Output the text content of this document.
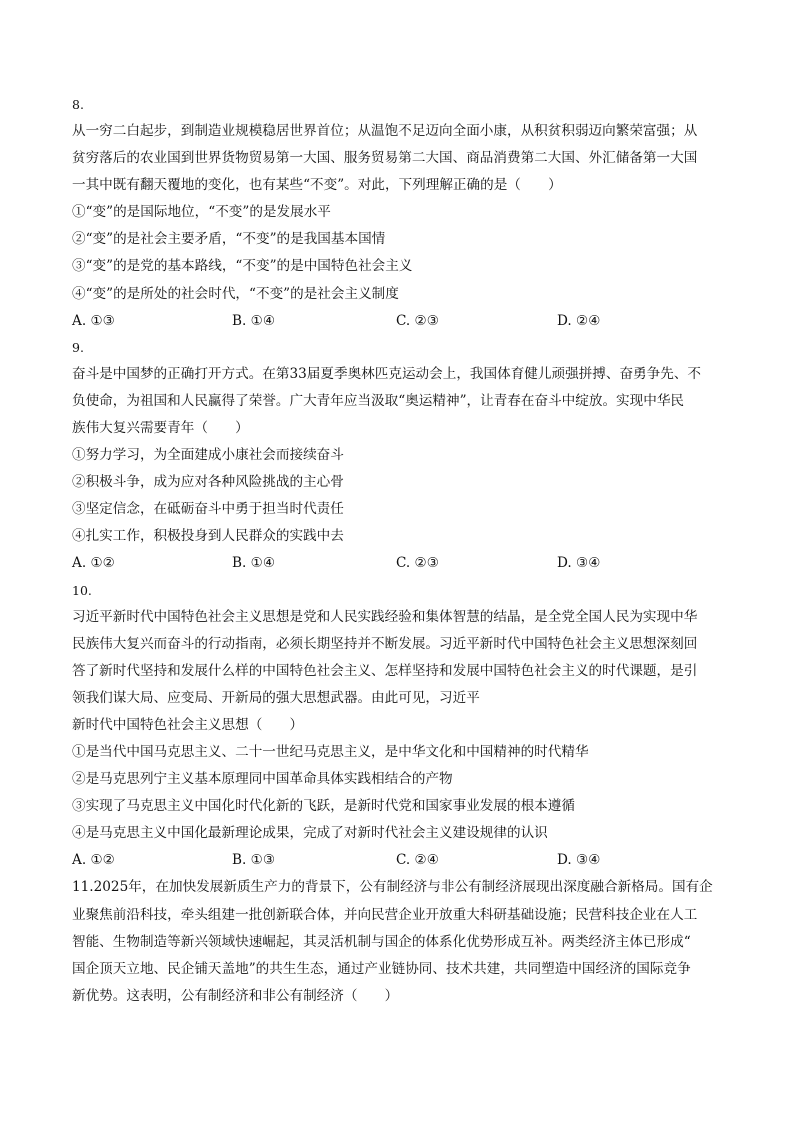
8.
从一穷二白起步，到制造业规模稳居世界首位；从温饱不足迈向全面小康，从积贫积弱迈向繁荣富强；从
贫穷落后的农业国到世界货物贸易第一大国、服务贸易第二大国、商品消费第二大国、外汇储备第一大国
一其中既有翻天覆地的变化，也有某些“不变”。对此，下列理解正确的是（　　）
①“变”的是国际地位，“不变”的是发展水平
②“变”的是社会主要矛盾，“不变”的是我国基本国情
③“变”的是党的基本路线，“不变”的是中国特色社会主义
④“变”的是所处的社会时代，“不变”的是社会主义制度
A. ①③	B. ①④	C. ②③	D. ②④
9.
奋斗是中国梦的正确打开方式。在第33届夏季奥林匹克运动会上，我国体育健儿顽强拼搏、奋勇争先、不
负使命，为祖国和人民赢得了荣誉。广大青年应当汲取“奥运精神”，让青春在奋斗中绽放。实现中华民
族伟大复兴需要青年（　　）
①努力学习，为全面建成小康社会而接续奋斗
②积极斗争，成为应对各种风险挑战的主心骨
③坚定信念，在砥砺奋斗中勇于担当时代责任
④扎实工作，积极投身到人民群众的实践中去
A. ①②	B. ①④	C. ②③	D. ③④
10.
习近平新时代中国特色社会主义思想是党和人民实践经验和集体智慧的结晶，是全党全国人民为实现中华
民族伟大复兴而奋斗的行动指南，必须长期坚持并不断发展。习近平新时代中国特色社会主义思想深刻回
答了新时代坚持和发展什么样的中国特色社会主义、怎样坚持和发展中国特色社会主义的时代课题，是引
领我们谋大局、应变局、开新局的强大思想武器。由此可见，习近平
新时代中国特色社会主义思想（　　）
①是当代中国马克思主义、二十一世纪马克思主义，是中华文化和中国精神的时代精华
②是马克思列宁主义基本原理同中国革命具体实践相结合的产物
③实现了马克思主义中国化时代化新的飞跃，是新时代党和国家事业发展的根本遵循
④是马克思主义中国化最新理论成果，完成了对新时代社会主义建设规律的认识
A. ①②	B. ①③	C. ②④	D. ③④
11.2025年，在加快发展新质生产力的背景下，公有制经济与非公有制经济展现出深度融合新格局。国有企
业聚焦前沿科技，牵头组建一批创新联合体，并向民营企业开放重大科研基础设施；民营科技企业在人工
智能、生物制造等新兴领域快速崛起，其灵活机制与国企的体系化优势形成互补。两类经济主体已形成“
国企顶天立地、民企铺天盖地”的共生生态，通过产业链协同、技术共建，共同塑造中国经济的国际竞争
新优势。这表明，公有制经济和非公有制经济（　　）
